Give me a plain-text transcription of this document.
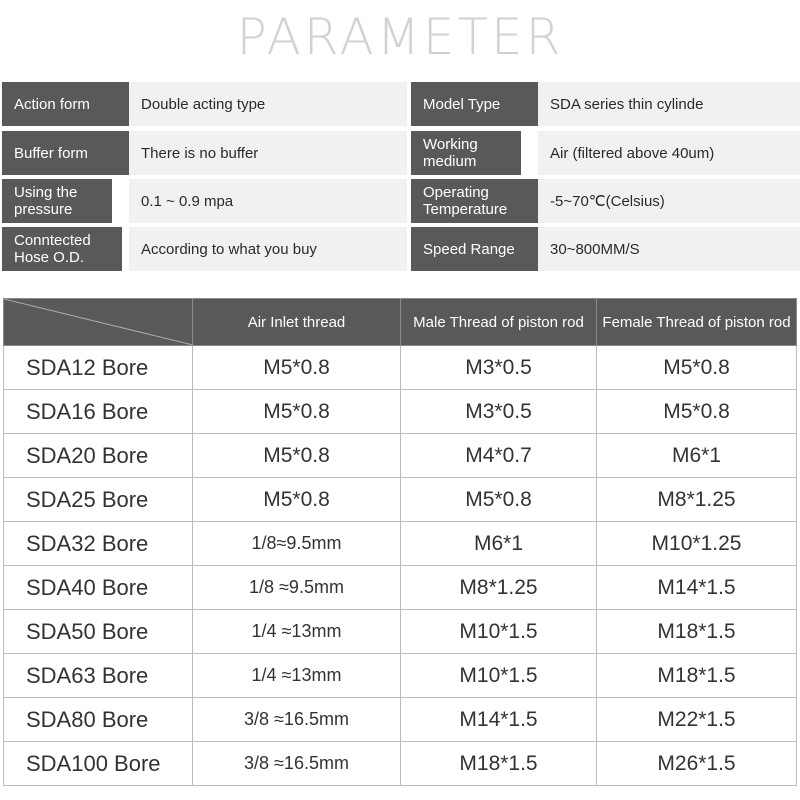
PARAMETER
Action form	Double acting type	Model Type	SDA series thin cylinde
Buffer form	There is no buffer	Working medium	Air (filtered above 40um)
Using the pressure	0.1 ~ 0.9 mpa	Operating Temperature	-5~70℃(Celsius)
Conntected Hose O.D.	According to what you buy	Speed Range	30~800MM/S
	Air Inlet thread	Male Thread of piston rod	Female Thread of piston rod
SDA12 Bore	M5*0.8	M3*0.5	M5*0.8
SDA16 Bore	M5*0.8	M3*0.5	M5*0.8
SDA20 Bore	M5*0.8	M4*0.7	M6*1
SDA25 Bore	M5*0.8	M5*0.8	M8*1.25
SDA32 Bore	1/8≈9.5mm	M6*1	M10*1.25
SDA40 Bore	1/8 ≈9.5mm	M8*1.25	M14*1.5
SDA50 Bore	1/4 ≈13mm	M10*1.5	M18*1.5
SDA63 Bore	1/4 ≈13mm	M10*1.5	M18*1.5
SDA80 Bore	3/8 ≈16.5mm	M14*1.5	M22*1.5
SDA100 Bore	3/8 ≈16.5mm	M18*1.5	M26*1.5
